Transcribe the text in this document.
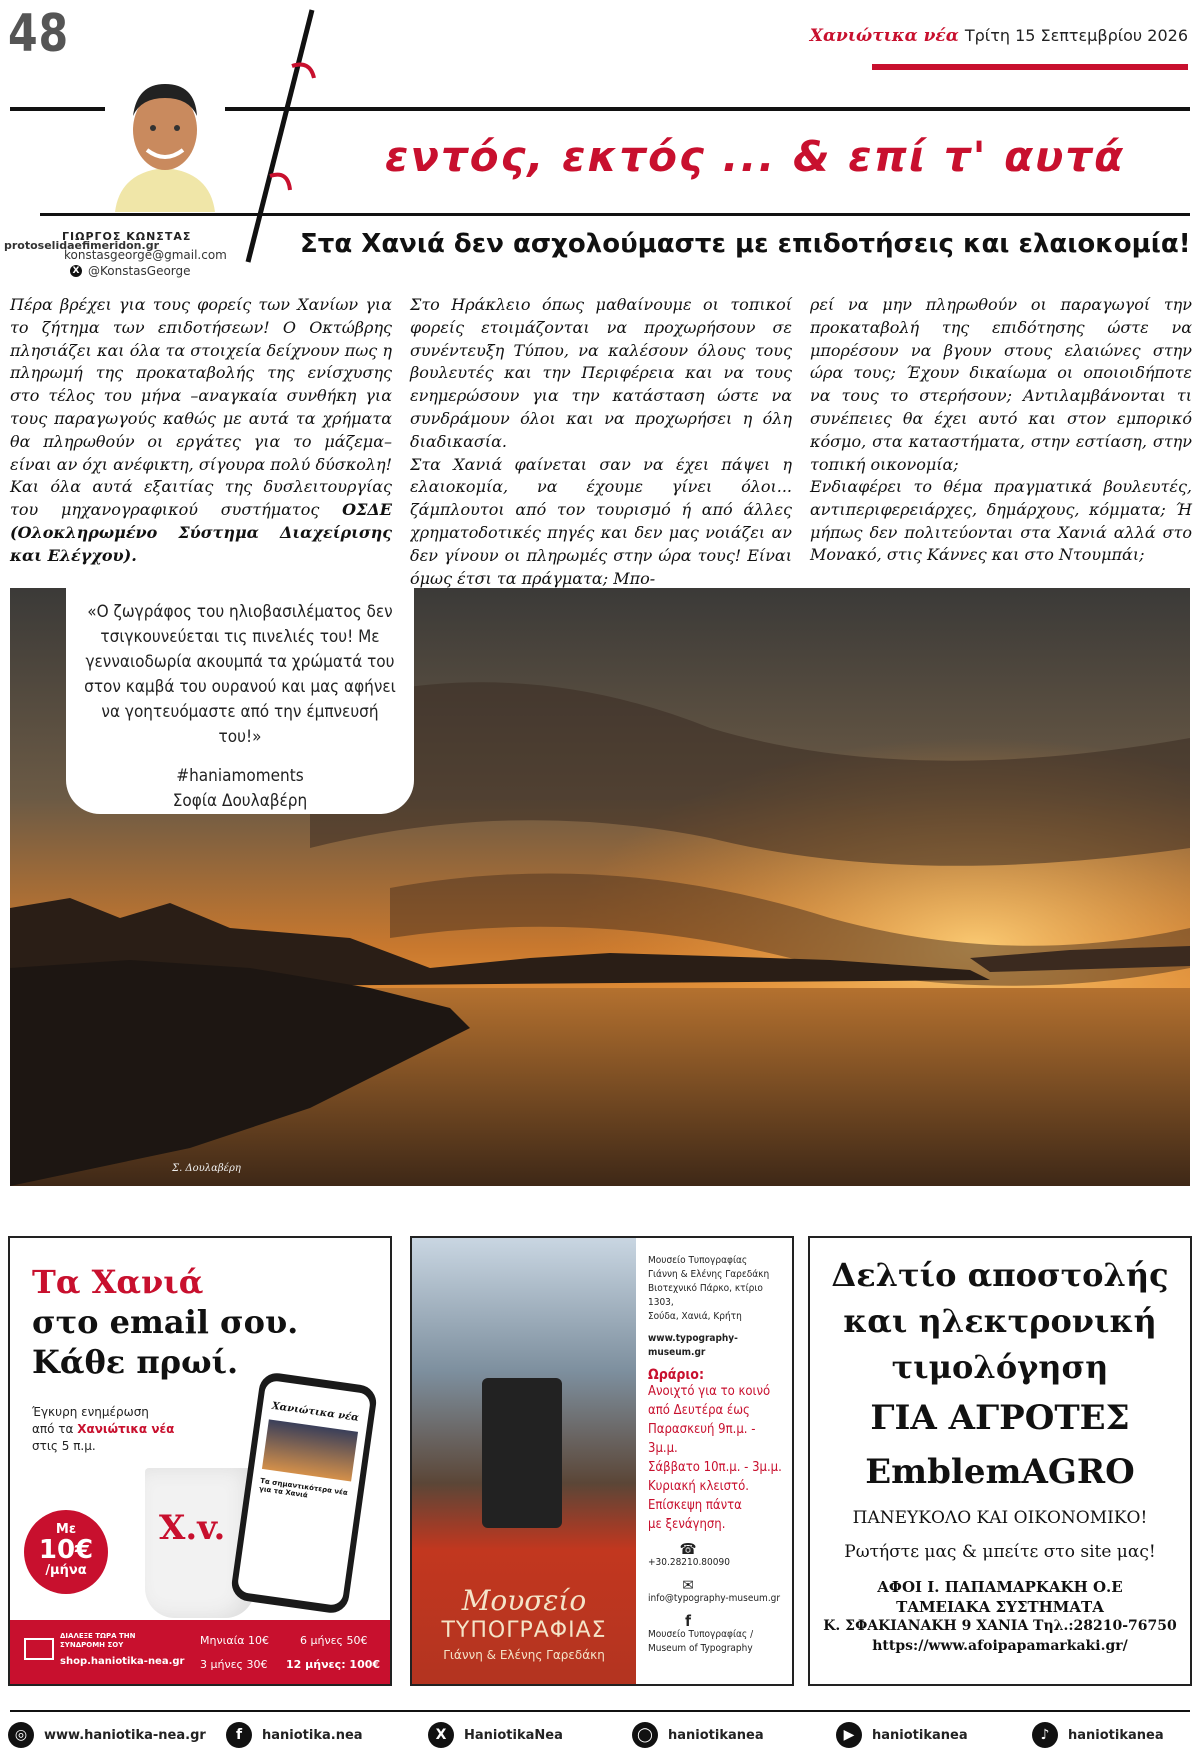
48	Χανιώτικα νέα Τρίτη 15 Σεπτεμβρίου 2026
εντός, εκτός ... & επί τ' αυτά
ΓΙΩΡΓΟΣ ΚΩΝΣΤΑΣ
protoselidaefimeridon.gr
konstasgeorge@gmail.com
X @KonstasGeorge
Στα Χανιά δεν ασχολούμαστε με επιδοτήσεις και ελαιοκομία!

Πέρα βρέχει για τους φορείς των Χανίων για το ζήτημα των επιδοτήσεων! Ο Οκτώβρης πλησιάζει και όλα τα στοιχεία δείχνουν πως η πληρωμή της προκαταβολής της ενίσχυσης στο τέλος του μήνα –αναγκαία συνθήκη για τους παραγωγούς καθώς με αυτά τα χρήματα θα πληρωθούν οι εργάτες για το μάζεμα– είναι αν όχι ανέφικτη, σίγουρα πολύ δύσκολη! Και όλα αυτά εξαιτίας της δυσλειτουργίας του μηχανογραφικού συστήματος ΟΣΔΕ (Ολοκληρωμένο Σύστημα Διαχείρισης και Ελέγχου).

Στο Ηράκλειο όπως μαθαίνουμε οι τοπικοί φορείς ετοιμάζονται να προχωρήσουν σε συνέντευξη Τύπου, να καλέσουν όλους τους βουλευτές και την Περιφέρεια και να τους ενημερώσουν για την κατάσταση ώστε να συνδράμουν όλοι και να προχωρήσει η όλη διαδικασία.

Στα Χανιά φαίνεται σαν να έχει πάψει η ελαιοκομία, να έχουμε γίνει όλοι... ζάμπλουτοι από τον τουρισμό ή από άλλες χρηματοδοτικές πηγές και δεν μας νοιάζει αν δεν γίνουν οι πληρωμές στην ώρα τους! Είναι όμως έτσι τα πράγματα; Μπο-

ρεί να μην πληρωθούν οι παραγωγοί την προκαταβολή της επιδότησης ώστε να μπορέσουν να βγουν στους ελαιώνες στην ώρα τους; Έχουν δικαίωμα οι οποιοιδήποτε να τους το στερήσουν; Αντιλαμβάνονται τι συνέπειες θα έχει αυτό και στον εμπορικό κόσμο, στα καταστήματα, στην εστίαση, στην τοπική οικονομία;

Ενδιαφέρει το θέμα πραγματικά βουλευτές, αντιπεριφερειάρχες, δημάρχους, κόμματα; Ή μήπως δεν πολιτεύονται στα Χανιά αλλά στο Μονακό, στις Κάννες και στο Ντουμπάι;

«Ο ζωγράφος του ηλιοβασιλέματος δεν τσιγκουνεύεται τις πινελιές του! Με γενναιοδωρία ακουμπά τα χρώματά του στον καμβά του ουρανού και μας αφήνει να γοητευόμαστε από την έμπνευσή του!»
#haniamoments
Σοφία Δουλαβέρη
Σ. Δουλαβέρη
Τα Χανιά
στο email σου.
Κάθε πρωί.
Έγκυρη ενημέρωση
από τα Χανιώτικα νέα
στις 5 π.μ.
X.v.
Χανιώτικα νέα
Τα σημαντικότερα νέα για τα Χανιά
Με
10€
/μήνα
ΔΙΑΛΕΞΕ ΤΩΡΑ ΤΗΝ ΣΥΝΔΡΟΜΗ ΣΟΥ
shop.haniotika-nea.gr
Μηνιαία 10€
3 μήνες 30€
6 μήνες 50€
12 μήνες: 100€
Μουσείο
ΤΥΠΟΓΡΑΦΙΑΣ
Γιάννη & Ελένης Γαρεδάκη
Μουσείο Τυπογραφίας
Γιάννη & Ελένης Γαρεδάκη
Βιοτεχνικό Πάρκο, κτίριο 1303,
Σούδα, Χανιά, Κρήτη
www.typography-museum.gr
Ωράριο:
Ανοιχτό για το κοινό
από Δευτέρα έως
Παρασκευή 9π.μ. - 3μ.μ.
Σάββατο 10π.μ. - 3μ.μ.
Κυριακή κλειστό.
Επίσκεψη πάντα
με ξενάγηση.
☎
+30.28210.80090
✉
info@typography-museum.gr
f
Μουσείο Τυπογραφίας /
Museum of Typography
Δελτίο αποστολής
και ηλεκτρονική
τιμολόγηση
ΓΙΑ ΑΓΡΟΤΕΣ
EmblemAGRO
ΠΑΝΕΥΚΟΛΟ ΚΑΙ ΟΙΚΟΝΟΜΙΚΟ!
Ρωτήστε μας & μπείτε στο site μας!
ΑΦΟΙ Ι. ΠΑΠΑΜΑΡΚΑΚΗ Ο.Ε
ΤΑΜΕΙΑΚΑ ΣΥΣΤΗΜΑΤΑ
Κ. ΣΦΑΚΙΑΝΑΚΗ 9 ΧΑΝΙΑ Τηλ.:28210-76750
https://www.afoipapamarkaki.gr/
◎	www.haniotika-nea.gr	f	haniotika.nea	X	HaniotikaNea	◯	haniotikanea	▶	haniotikanea	♪	haniotikanea
